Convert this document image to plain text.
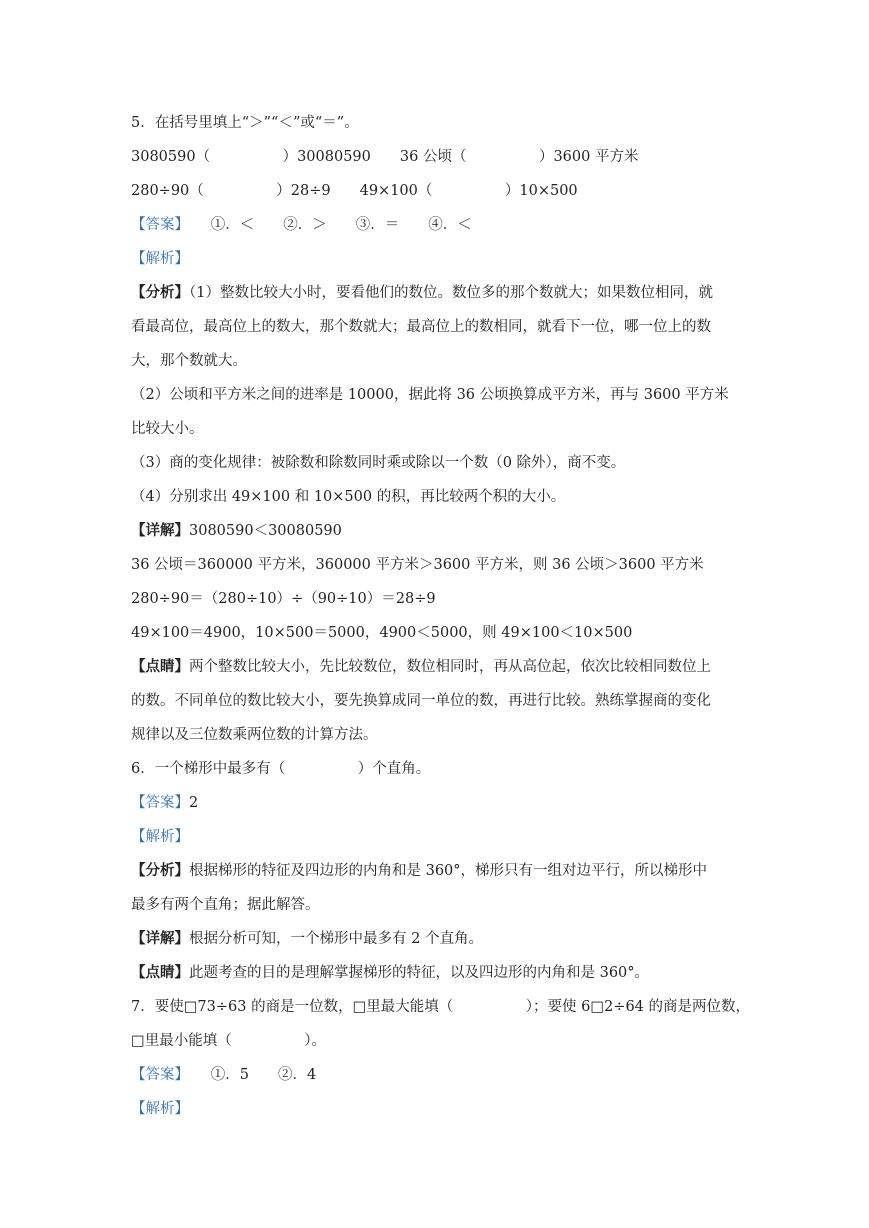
5．在括号里填上“＞”“＜”或“＝”。
3080590（　　　　　）30080590　　36 公顷（　　　　　）3600 平方米
280÷90（　　　　　）28÷9　　49×100（　　　　　）10×500
【答案】　　①．＜　　②．＞　　③．＝　　④．＜
【解析】
【分析】（1）整数比较大小时，要看他们的数位。数位多的那个数就大；如果数位相同，就
看最高位，最高位上的数大，那个数就大；最高位上的数相同，就看下一位，哪一位上的数
大，那个数就大。
（2）公顷和平方米之间的进率是 10000，据此将 36 公顷换算成平方米，再与 3600 平方米
比较大小。
（3）商的变化规律：被除数和除数同时乘或除以一个数（0 除外），商不变。
（4）分别求出 49×100 和 10×500 的积，再比较两个积的大小。
【详解】3080590＜30080590
36 公顷＝360000 平方米，360000 平方米＞3600 平方米，则 36 公顷＞3600 平方米
280÷90＝（280÷10）÷（90÷10）＝28÷9
49×100＝4900，10×500＝5000，4900＜5000，则 49×100＜10×500
【点睛】两个整数比较大小，先比较数位，数位相同时，再从高位起，依次比较相同数位上
的数。不同单位的数比较大小，要先换算成同一单位的数，再进行比较。熟练掌握商的变化
规律以及三位数乘两位数的计算方法。
6．一个梯形中最多有（　　　　　）个直角。
【答案】2
【解析】
【分析】根据梯形的特征及四边形的内角和是 360°，梯形只有一组对边平行，所以梯形中
最多有两个直角；据此解答。
【详解】根据分析可知，一个梯形中最多有 2 个直角。
【点睛】此题考查的目的是理解掌握梯形的特征，以及四边形的内角和是 360°。
7．要使□73÷63 的商是一位数，□里最大能填（　　　　　）；要使 6□2÷64 的商是两位数，
□里最小能填（　　　　　）。
【答案】　　①．5　　②．4
【解析】
